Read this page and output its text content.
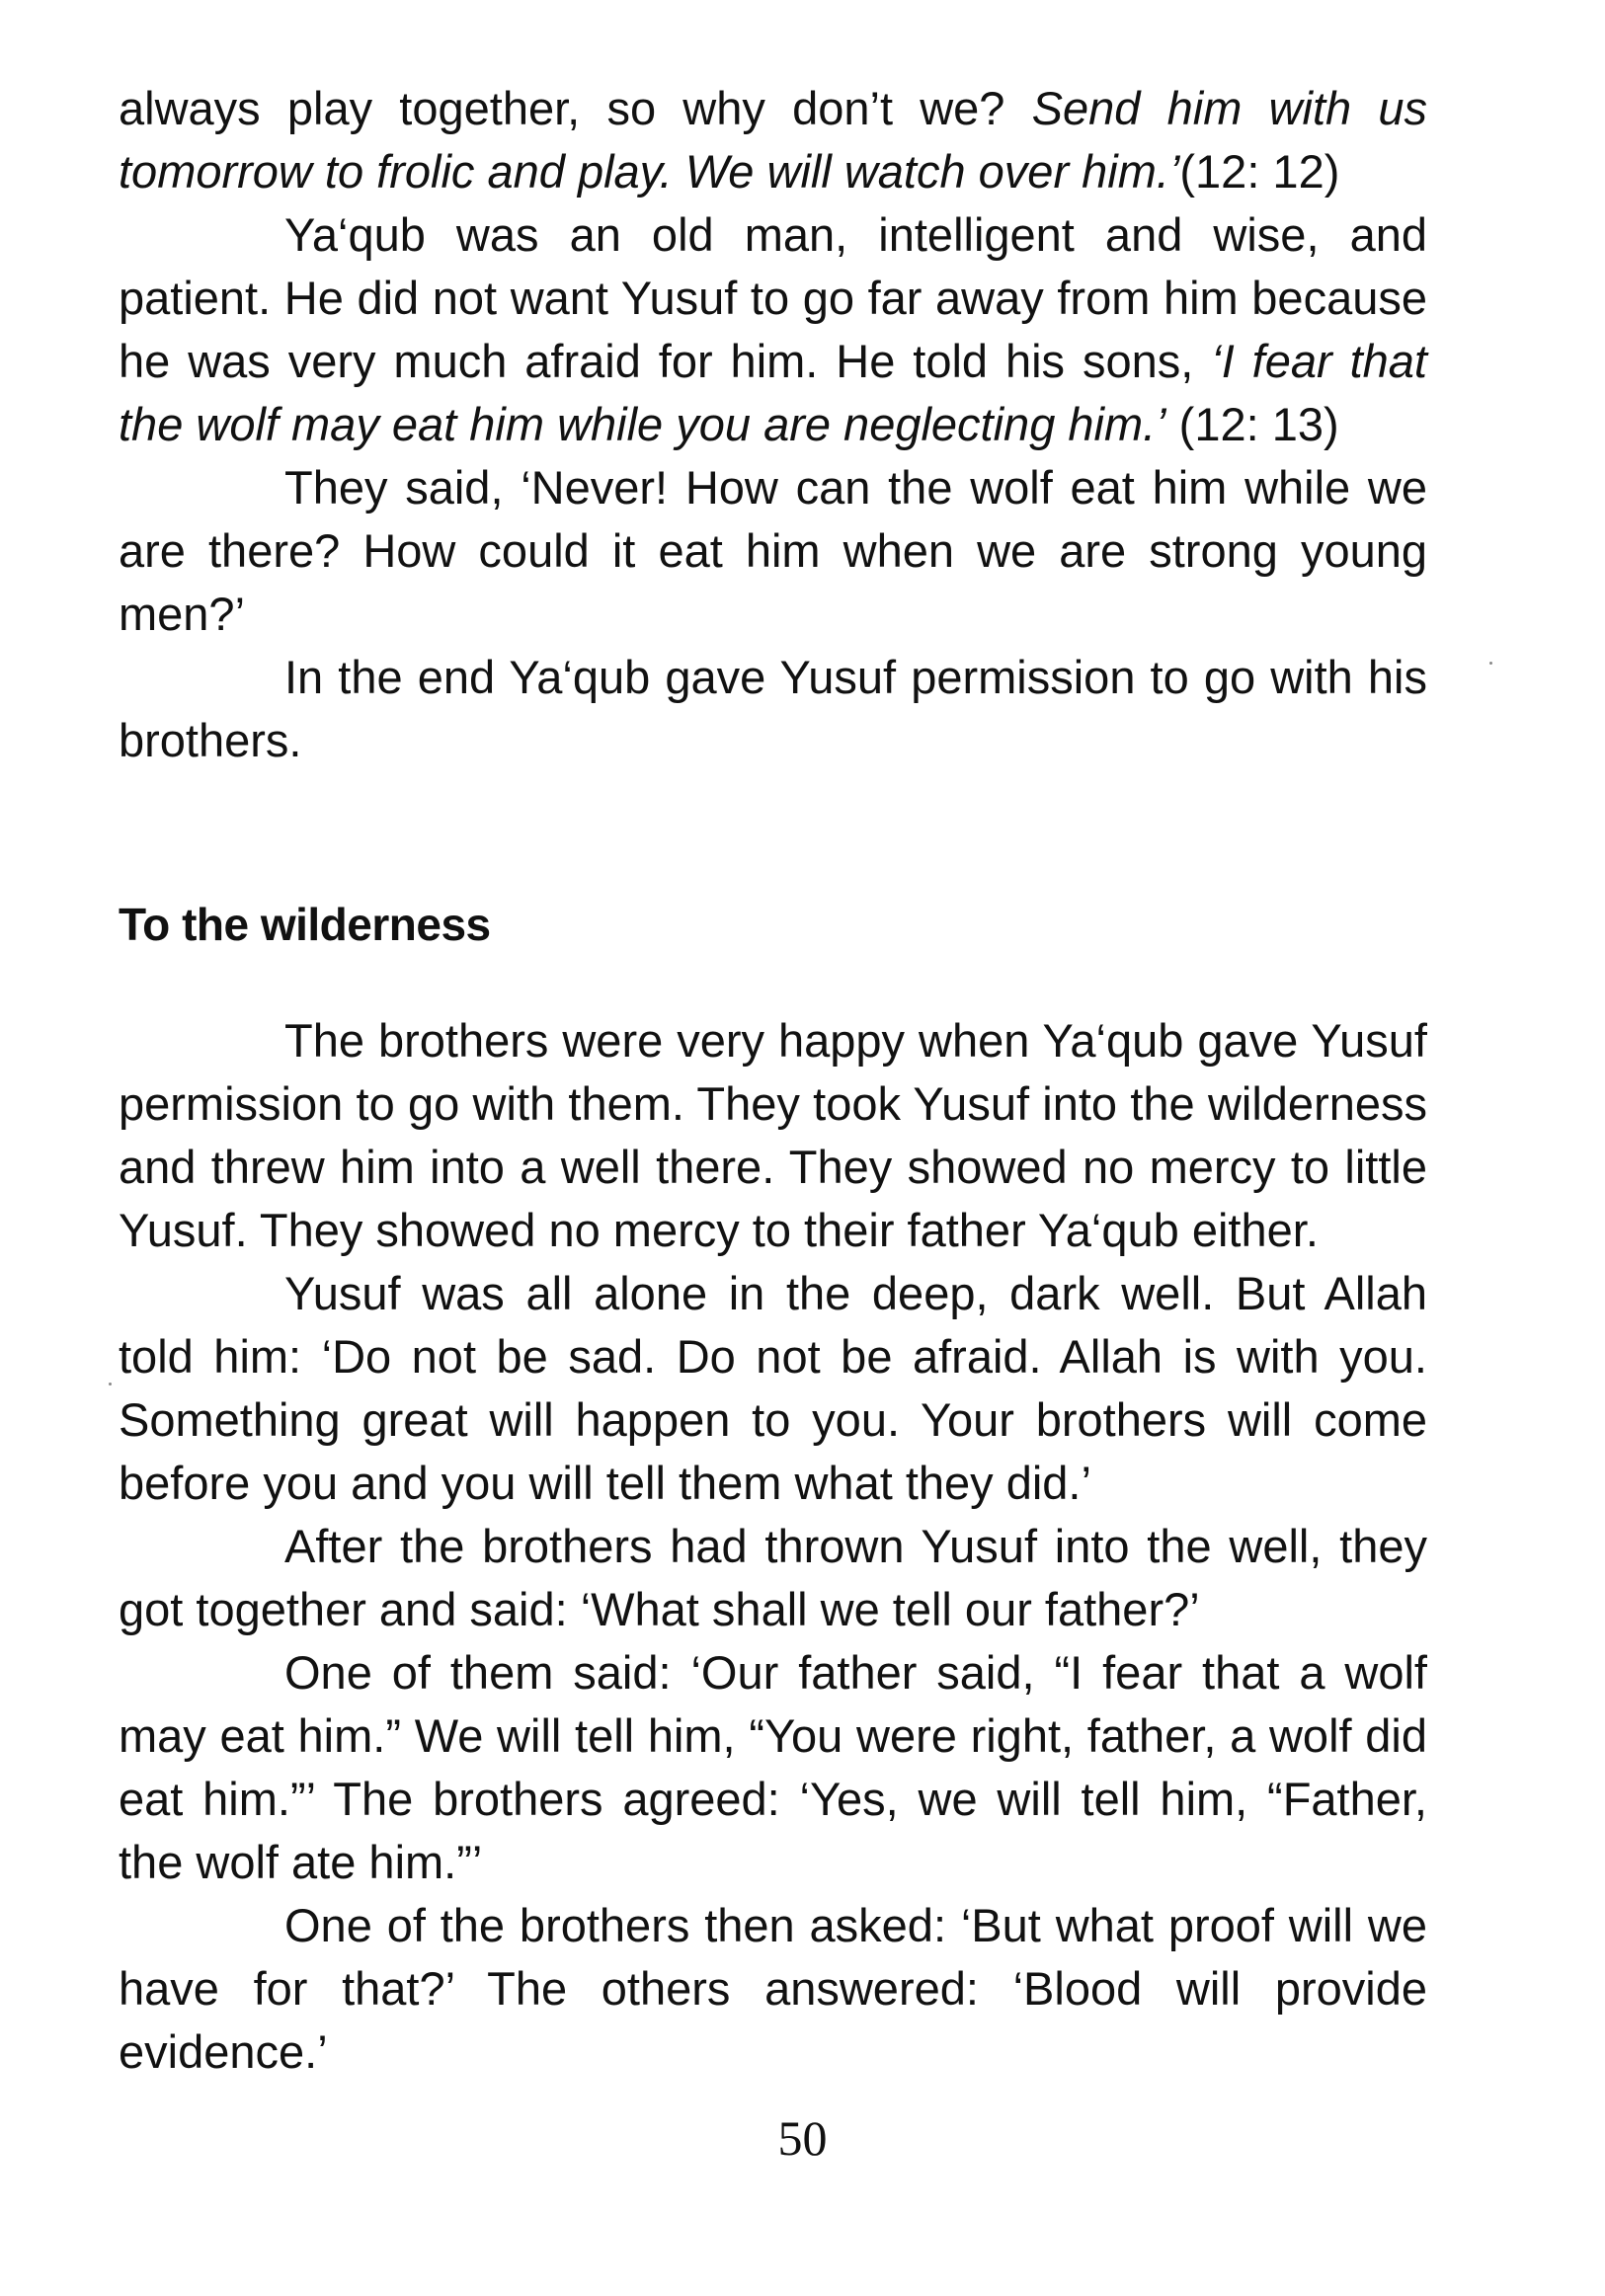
always play together, so why don’t we? Send him with us tomorrow to frolic and play. We will watch over him.’(12: 12)

Ya‘qub was an old man, intelligent and wise, and patient. He did not want Yusuf to go far away from him because he was very much afraid for him. He told his sons, ‘I fear that the wolf may eat him while you are neglecting him.’ (12: 13)

They said, ‘Never! How can the wolf eat him while we are there? How could it eat him when we are strong young men?’

In the end Ya‘qub gave Yusuf permission to go with his brothers.

To the wilderness

The brothers were very happy when Ya‘qub gave Yusuf permission to go with them. They took Yusuf into the wilderness and threw him into a well there. They showed no mercy to little Yusuf. They showed no mercy to their father Ya‘qub either.

Yusuf was all alone in the deep, dark well. But Allah told him: ‘Do not be sad. Do not be afraid. Allah is with you. Something great will happen to you. Your brothers will come before you and you will tell them what they did.’

After the brothers had thrown Yusuf into the well, they got together and said: ‘What shall we tell our father?’

One of them said: ‘Our father said, “I fear that a wolf may eat him.” We will tell him, “You were right, father, a wolf did eat him.”’ The brothers agreed: ‘Yes, we will tell him, “Father, the wolf ate him.”’

One of the brothers then asked: ‘But what proof will we have for that?’ The others answered: ‘Blood will provide evidence.’

50
